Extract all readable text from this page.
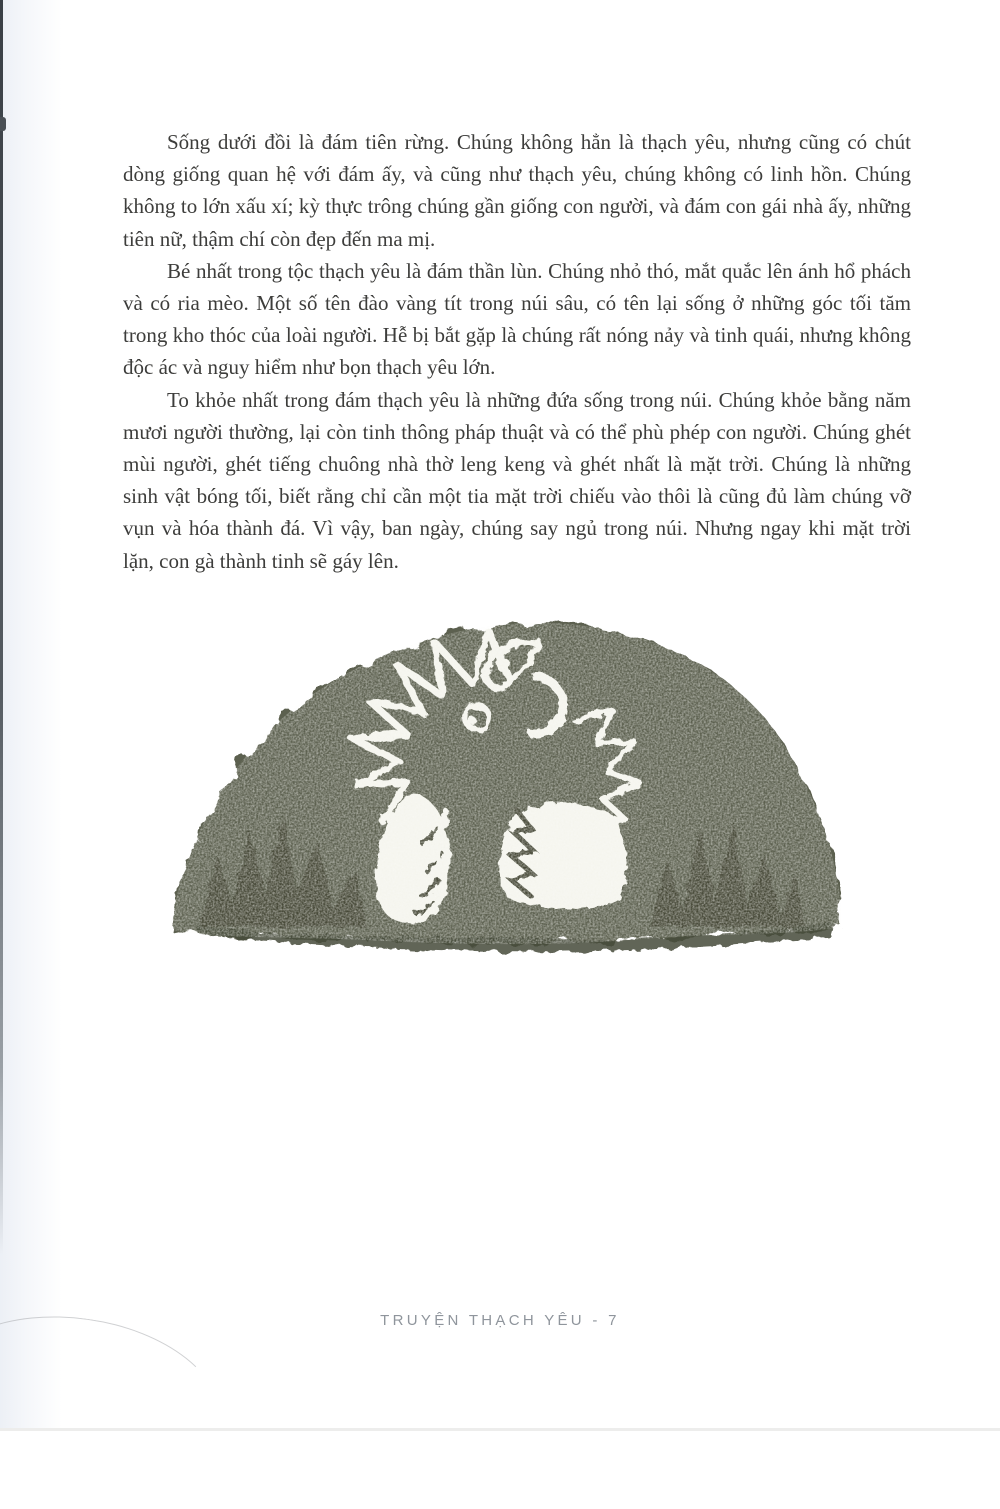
Sống dưới đồi là đám tiên rừng. Chúng không hẳn là thạch yêu, nhưng cũng có chút dòng giống quan hệ với đám ấy, và cũng như thạch yêu, chúng không có linh hồn. Chúng không to lớn xấu xí; kỳ thực trông chúng gần giống con người, và đám con gái nhà ấy, những tiên nữ, thậm chí còn đẹp đến ma mị.

Bé nhất trong tộc thạch yêu là đám thần lùn. Chúng nhỏ thó, mắt quắc lên ánh hổ phách và có ria mèo. Một số tên đào vàng tít trong núi sâu, có tên lại sống ở những góc tối tăm trong kho thóc của loài người. Hễ bị bắt gặp là chúng rất nóng nảy và tinh quái, nhưng không độc ác và nguy hiểm như bọn thạch yêu lớn.

To khỏe nhất trong đám thạch yêu là những đứa sống trong núi. Chúng khỏe bằng năm mươi người thường, lại còn tinh thông pháp thuật và có thể phù phép con người. Chúng ghét mùi người, ghét tiếng chuông nhà thờ leng keng và ghét nhất là mặt trời. Chúng là những sinh vật bóng tối, biết rằng chỉ cần một tia mặt trời chiếu vào thôi là cũng đủ làm chúng vỡ vụn và hóa thành đá. Vì vậy, ban ngày, chúng say ngủ trong núi. Nhưng ngay khi mặt trời lặn, con gà thành tinh sẽ gáy lên.

TRUYỆN THẠCH YÊU - 7
